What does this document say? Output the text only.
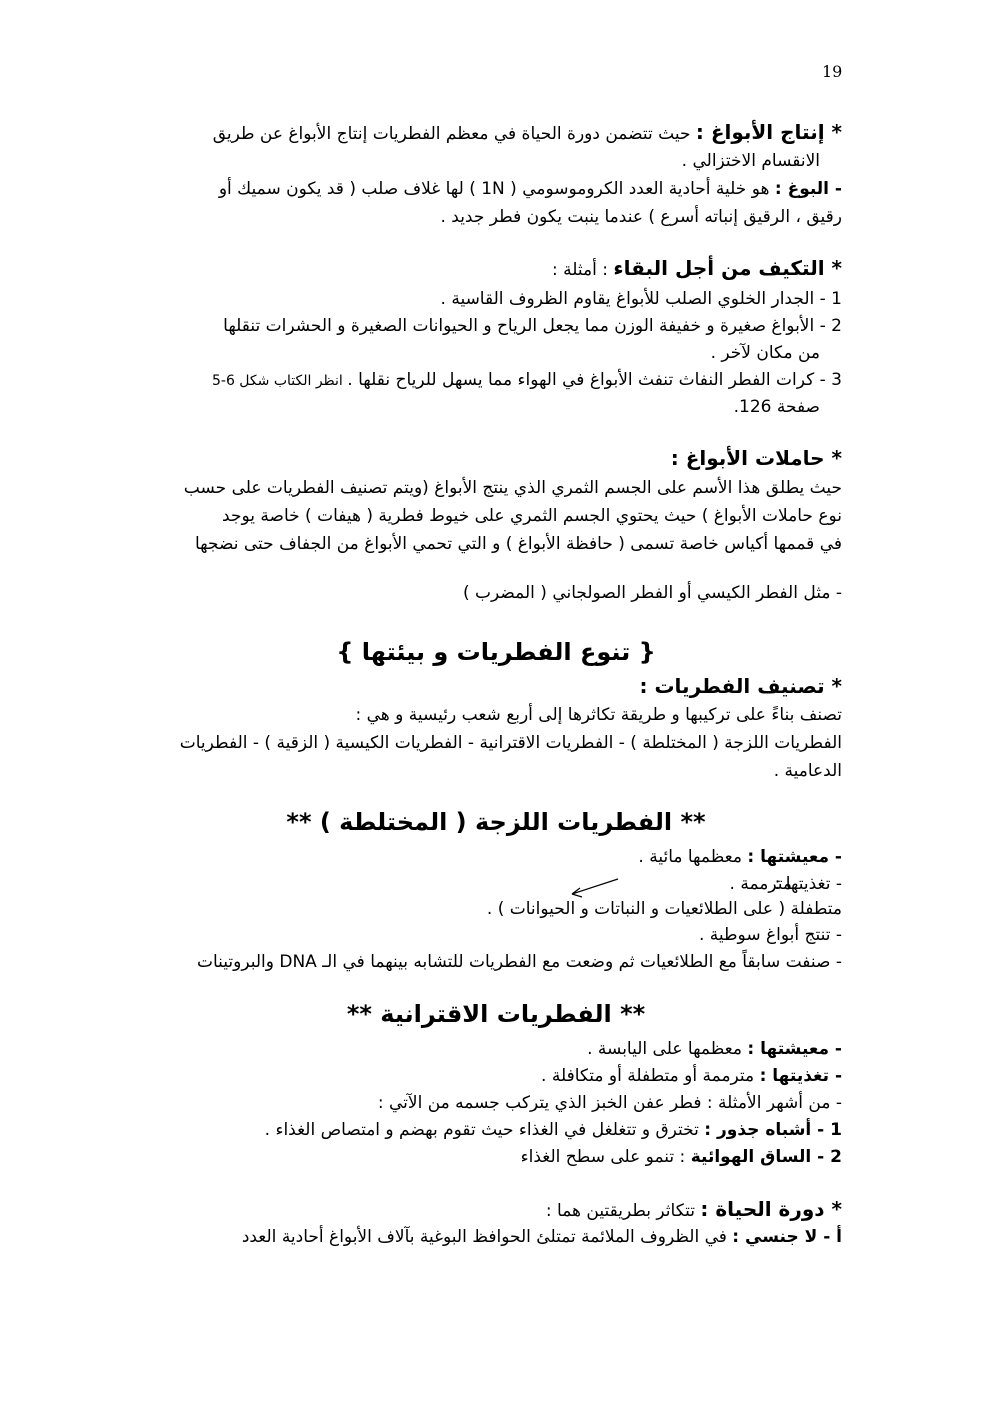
19
* إنتاج الأبواغ : حيث تتضمن دورة الحياة في معظم الفطريات إنتاج الأبواغ عن طريق
الانقسام الاختزالي .
- البوغ : هو خلية أحادية العدد الكروموسومي ( 1N ) لها غلاف صلب ( قد يكون سميك أو
رقيق ، الرقيق إنباته أسرع ) عندما ينبت يكون فطر جديد .
* التكيف من أجل البقاء : أمثلة :
1 - الجدار الخلوي الصلب للأبواغ يقاوم الظروف القاسية .
2 - الأبواغ صغيرة و خفيفة الوزن مما يجعل الرياح و الحيوانات الصغيرة و الحشرات تنقلها
من مكان لآخر .
3 - كرات الفطر النفاث تنفث الأبواغ في الهواء مما يسهل للرياح نقلها . انظر الكتاب شكل 6-5
صفحة 126.
* حاملات الأبواغ :
حيث يطلق هذا الأسم على الجسم الثمري الذي ينتج الأبواغ (ويتم تصنيف الفطريات على حسب
نوع حاملات الأبواغ ) حيث يحتوي الجسم الثمري على خيوط فطرية ( هيفات ) خاصة يوجد
في قممها أكياس خاصة تسمى ( حافظة الأبواغ ) و التي تحمي الأبواغ من الجفاف حتى نضجها
- مثل الفطر الكيسي أو الفطر الصولجاني ( المضرب )
{ تنوع الفطريات و بيئتها }
* تصنيف الفطريات :
تصنف بناءً على تركيبها و طريقة تكاثرها إلى أربع شعب رئيسية و هي :
الفطريات اللزجة ( المختلطة ) - الفطريات الاقترانية - الفطريات الكيسية ( الزقية ) - الفطريات
الدعامية .
** الفطريات اللزجة ( المختلطة ) **
- معيشتها : معظمها مائية .
- تغذيتها :
مترممة .
متطفلة ( على الطلائعيات و النباتات و الحيوانات ) .
- تنتج أبواغ سوطية .
- صنفت سابقاً مع الطلائعيات ثم وضعت مع الفطريات للتشابه بينهما في الـ DNA والبروتينات
** الفطريات الاقترانية **
- معيشتها : معظمها على اليابسة .
- تغذيتها : مترممة أو متطفلة أو متكافلة .
- من أشهر الأمثلة : فطر عفن الخبز الذي يتركب جسمه من الآتي :
1 - أشباه جذور : تخترق و تتغلغل في الغذاء حيث تقوم بهضم و امتصاص الغذاء .
2 - الساق الهوائية : تنمو على سطح الغذاء
* دورة الحياة : تتكاثر بطريقتين هما :
أ - لا جنسي : في الظروف الملائمة تمتلئ الحوافظ البوغية بآلاف الأبواغ أحادية العدد
